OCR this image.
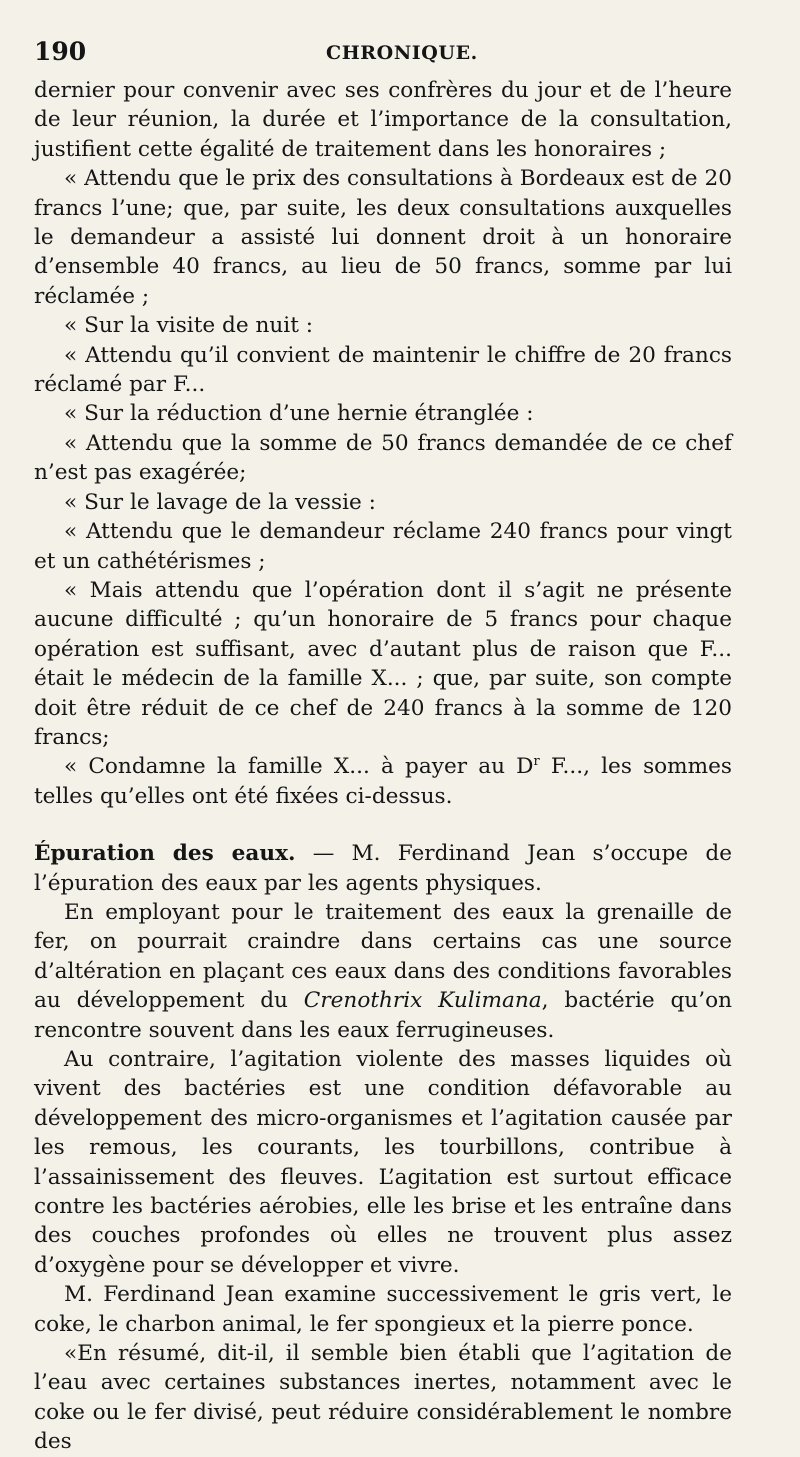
190	CHRONIQUE.

dernier pour convenir avec ses confrères du jour et de l’heure de leur réunion, la durée et l’importance de la consultation, justifient cette égalité de traitement dans les honoraires ;

« Attendu que le prix des consultations à Bordeaux est de 20 francs l’une; que, par suite, les deux consultations auxquelles le demandeur a assisté lui donnent droit à un honoraire d’ensemble 40 francs, au lieu de 50 francs, somme par lui réclamée ;

« Sur la visite de nuit :

« Attendu qu’il convient de maintenir le chiffre de 20 francs réclamé par F...

« Sur la réduction d’une hernie étranglée :

« Attendu que la somme de 50 francs demandée de ce chef n’est pas exagérée;

« Sur le lavage de la vessie :

« Attendu que le demandeur réclame 240 francs pour vingt et un cathétérismes ;

« Mais attendu que l’opération dont il s’agit ne présente aucune difficulté ; qu’un honoraire de 5 francs pour chaque opération est suffisant, avec d’autant plus de raison que F... était le médecin de la famille X... ; que, par suite, son compte doit être réduit de ce chef de 240 francs à la somme de 120 francs;

« Condamne la famille X... à payer au $D^r$ F..., les sommes telles qu’elles ont été fixées ci-dessus.

Épuration des eaux. — M. Ferdinand Jean s’occupe de l’épuration des eaux par les agents physiques.

En employant pour le traitement des eaux la grenaille de fer, on pourrait craindre dans certains cas une source d’altération en plaçant ces eaux dans des conditions favorables au développement du Crenothrix Kulimana, bactérie qu’on rencontre souvent dans les eaux ferrugineuses.

Au contraire, l’agitation violente des masses liquides où vivent des bactéries est une condition défavorable au développement des micro-organismes et l’agitation causée par les remous, les courants, les tourbillons, contribue à l’assainissement des fleuves. L’agitation est surtout efficace contre les bactéries aérobies, elle les brise et les entraîne dans des couches profondes où elles ne trouvent plus assez d’oxygène pour se développer et vivre.

M. Ferdinand Jean examine successivement le gris vert, le coke, le charbon animal, le fer spongieux et la pierre ponce.

«En résumé, dit-il, il semble bien établi que l’agitation de l’eau avec certaines substances inertes, notamment avec le coke ou le fer divisé, peut réduire considérablement le nombre des
